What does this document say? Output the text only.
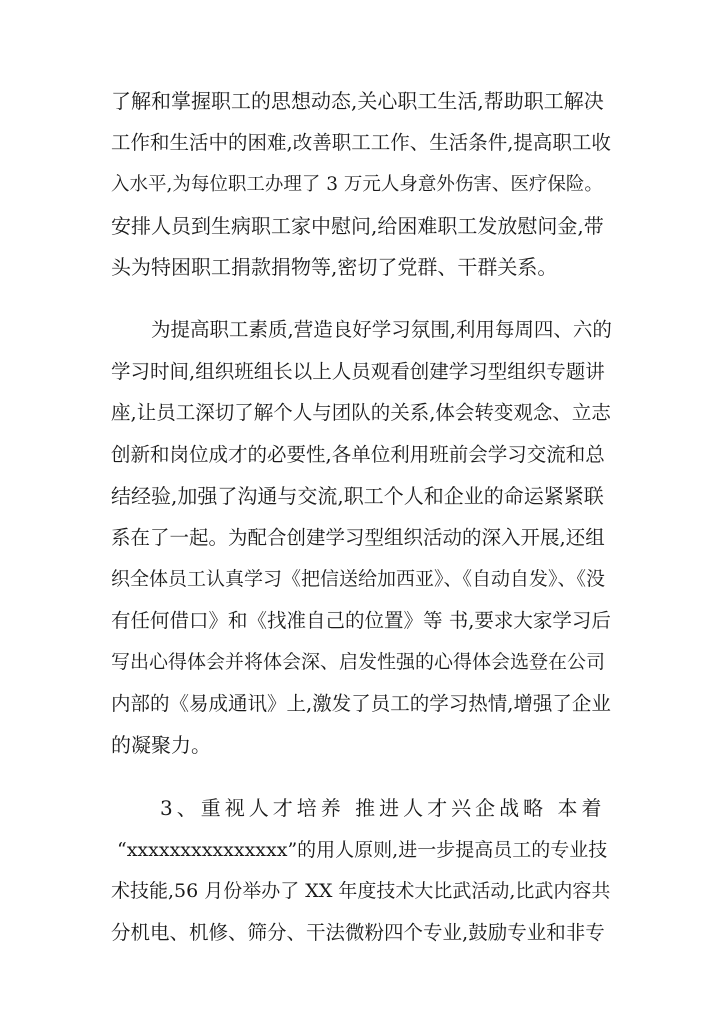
了解和掌握职工的思想动态,关心职工生活,帮助职工解决
工作和生活中的困难,改善职工工作、生活条件,提高职工收
入水平,为每位职工办理了 3 万元人身意外伤害、医疗保险。
安排人员到生病职工家中慰问,给困难职工发放慰问金,带
头为特困职工捐款捐物等,密切了党群、干群关系。
为提高职工素质,营造良好学习氛围,利用每周四、六的
学习时间,组织班组长以上人员观看创建学习型组织专题讲
座,让员工深切了解个人与团队的关系,体会转变观念、立志
创新和岗位成才的必要性,各单位利用班前会学习交流和总
结经验,加强了沟通与交流,职工个人和企业的命运紧紧联
系在了一起。为配合创建学习型组织活动的深入开展,还组
织全体员工认真学习《把信送给加西亚》、《自动自发》、《没
有任何借口》和《找准自己的位置》等 书,要求大家学习后
写出心得体会并将体会深、启发性强的心得体会选登在公司
内部的《易成通讯》上,激发了员工的学习热情,增强了企业
的凝聚力。
3、重视人才培养 推进人才兴企战略 本着
“xxxxxxxxxxxxxxx”的用人原则,进一步提高员工的专业技
术技能,56 月份举办了 XX 年度技术大比武活动,比武内容共
分机电、机修、筛分、干法微粉四个专业,鼓励专业和非专
